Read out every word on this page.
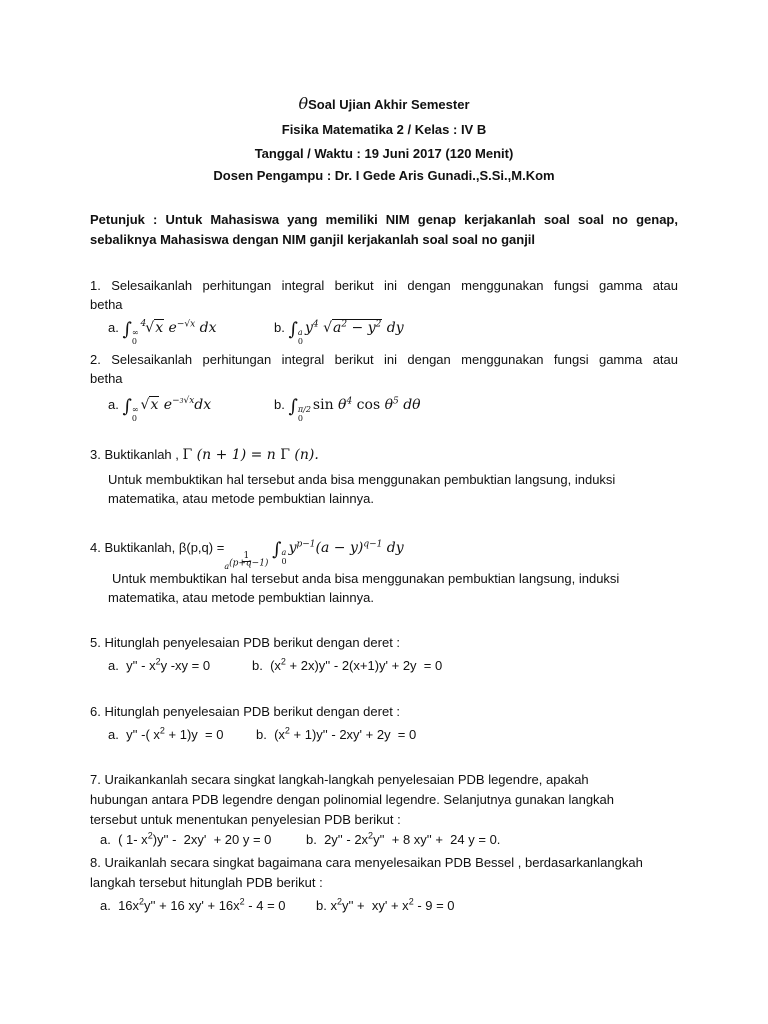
θSoal Ujian Akhir Semester
Fisika Matematika 2 / Kelas : IV B
Tanggal / Waktu : 19 Juni 2017 (120 Menit)
Dosen Pengampu : Dr. I Gede Aris Gunadi.,S.Si.,M.Kom
Petunjuk : Untuk Mahasiswa yang memiliki NIM genap kerjakanlah soal soal no genap,
sebaliknya Mahasiswa dengan NIM ganjil kerjakanlah soal soal no ganjil
1. Selesaikanlah perhitungan integral berikut ini dengan menggunakan fungsi gamma atau
betha
a. ∫ ∞
0
$^4$√x $e^{-√x}$ dx	b. ∫ a
0
$y^4$ $√a^2 - y^2$ dy
2. Selesaikanlah perhitungan integral berikut ini dengan menggunakan fungsi gamma atau
betha
a. ∫ ∞
0
√x $e^{-3√x}dx$	b. ∫ π/2
0
$\sin \theta^4$ $\cos \theta^5$ dθ
3. Buktikanlah , Γ (n + 1) = n Γ (n).
Untuk membuktikan hal tersebut anda bisa menggunakan pembuktian langsung, induksi
matematika, atau metode pembuktian lainnya.
4. Buktikanlah, β(p,q) =
$\frac{1}{a^{(p+q-1)}}$
∫ a
0
$y^{p-1}(a - y)^{q-1}$ dy
Untuk membuktikan hal tersebut anda bisa menggunakan pembuktian langsung, induksi
matematika, atau metode pembuktian lainnya.
5. Hitunglah penyelesaian PDB berikut dengan deret :
a.  y'' - $x^2y$ -xy = 0	b.  $(x^2 + 2x)y'' - 2(x+1)y' + 2y = 0$
6. Hitunglah penyelesaian PDB berikut dengan deret :
a.  y'' -( $x^2 + 1)y = 0$	b.  $(x^2 + 1)y'' - 2xy' + 2y = 0$
7. Uraikankanlah secara singkat langkah-langkah penyelesaian PDB legendre, apakah
hubungan antara PDB legendre dengan polinomial legendre. Selanjutnya gunakan langkah
tersebut untuk menentukan penyelesian PDB berikut :
a.  ( 1- $x^2)y'' - 2xy' + 20$ y = 0	b.  $2y'' - 2x^2y'' + 8$ xy'' +  24 y = 0.
8. Uraikanlah secara singkat bagaimana cara menyelesaikan PDB Bessel , berdasarkanlangkah
langkah tersebut hitunglah PDB berikut :
a.  $16x^2y'' + 16$ $xy' + 16x^2 - 4 = 0$ b. $x^2y'' + xy' + x^2 - 9 = 0$
